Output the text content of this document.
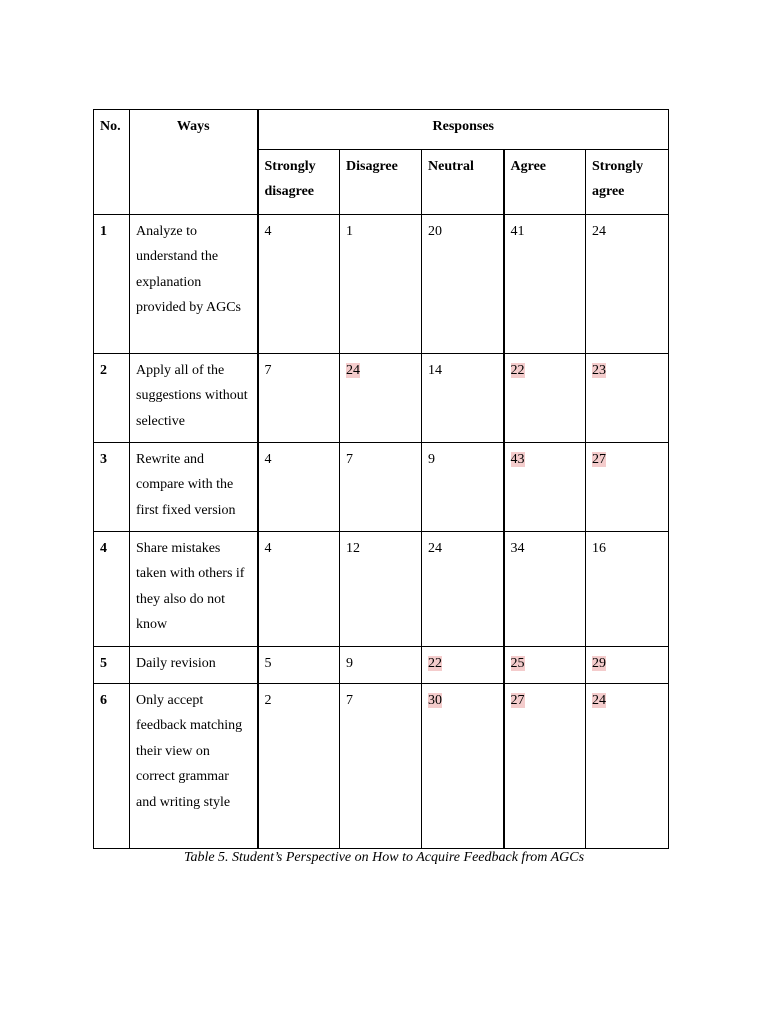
No.	Ways	Responses				
		Strongly disagree	Disagree	Neutral	Agree	Strongly agree
1	Analyze to understand the explanation provided by AGCs	4	1	20	41	24
2	Apply all of the suggestions without selective	7	24	14	22	23
3	Rewrite and compare with the first fixed version	4	7	9	43	27
4	Share mistakes taken with others if they also do not know	4	12	24	34	16
5	Daily revision	5	9	22	25	29
6	Only accept feedback matching their view on correct grammar and writing style	2	7	30	27	24
Table 5. Student’s Perspective on How to Acquire Feedback from AGCs
